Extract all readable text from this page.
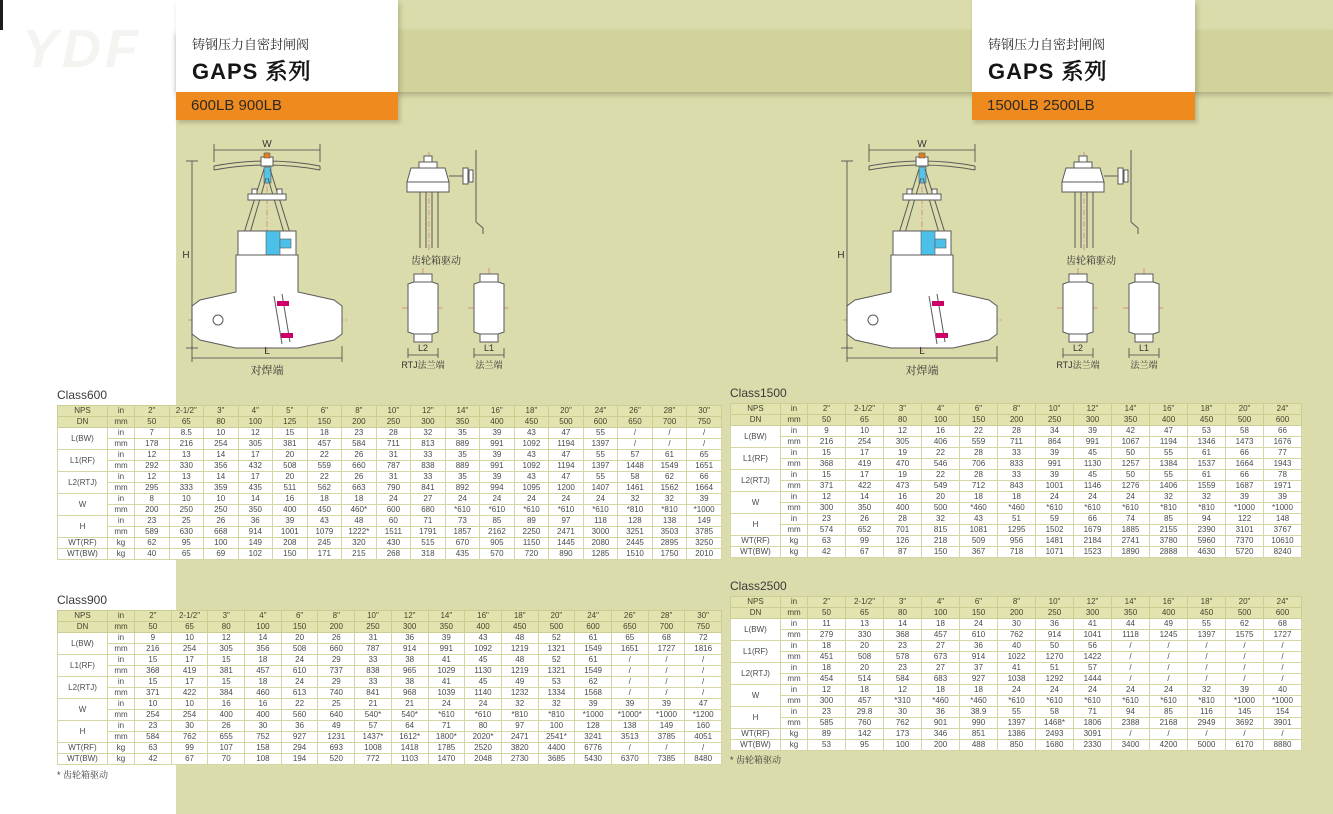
YDF	铸钢压力自密封闸阀
GAPS 系列
600LB 900LB
铸钢压力自密封闸阀
GAPS 系列
1500LB 2500LB
W
H
L
对焊端
齿轮箱驱动
L2
RTJ法兰端
L1
法兰端
W
H
L
对焊端
齿轮箱驱动
L2
RTJ法兰端
L1
法兰端
Class600
NPS	in	2"	2-1/2"	3"	4"	5"	6"	8"	10"	12"	14"	16"	18"	20"	24"	26"	28"	30"
DN	mm	50	65	80	100	125	150	200	250	300	350	400	450	500	600	650	700	750
L(BW)	in	7	8.5	10	12	15	18	23	28	32	35	39	43	47	55	/	/	/
	mm	178	216	254	305	381	457	584	711	813	889	991	1092	1194	1397	/	/	/
L1(RF)	in	12	13	14	17	20	22	26	31	33	35	39	43	47	55	57	61	65
	mm	292	330	356	432	508	559	660	787	838	889	991	1092	1194	1397	1448	1549	1651
L2(RTJ)	in	12	13	14	17	20	22	26	31	33	35	39	43	47	55	58	62	66
	mm	295	333	359	435	511	562	663	790	841	892	994	1095	1200	1407	1461	1562	1664
W	in	8	10	10	14	16	18	18	24	27	24	24	24	24	24	32	32	39
	mm	200	250	250	350	400	450	460*	600	680	*610	*610	*610	*610	*610	*810	*810	*1000
H	in	23	25	26	36	39	43	48	60	71	73	85	89	97	118	128	138	149
	mm	589	630	668	914	1001	1079	1222*	1511	1791	1857	2162	2250	2471	3000	3251	3503	3785
WT(RF)	kg	62	95	100	149	208	245	320	430	515	670	905	1150	1445	2080	2445	2895	3250
WT(BW)	kg	40	65	69	102	150	171	215	268	318	435	570	720	890	1285	1510	1750	2010
Class900
NPS	in	2"	2-1/2"	3"	4"	6"	8"	10"	12"	14"	16"	18"	20"	24"	26"	28"	30"
DN	mm	50	65	80	100	150	200	250	300	350	400	450	500	600	650	700	750
L(BW)	in	9	10	12	14	20	26	31	36	39	43	48	52	61	65	68	72
	mm	216	254	305	356	508	660	787	914	991	1092	1219	1321	1549	1651	1727	1816
L1(RF)	in	15	17	15	18	24	29	33	38	41	45	48	52	61	/	/	/
	mm	368	419	381	457	610	737	838	965	1029	1130	1219	1321	1549	/	/	/
L2(RTJ)	in	15	17	15	18	24	29	33	38	41	45	49	53	62	/	/	/
	mm	371	422	384	460	613	740	841	968	1039	1140	1232	1334	1568	/	/	/
W	in	10	10	16	16	22	25	21	21	24	24	32	32	39	39	39	47
	mm	254	254	400	400	560	640	540*	540*	*610	*610	*810	*810	*1000	*1000*	*1000	*1200
H	in	23	30	26	30	36	49	57	64	71	80	97	100	128	138	149	160
	mm	584	762	655	752	927	1231	1437*	1612*	1800*	2020*	2471	2541*	3241	3513	3785	4051
WT(RF)	kg	63	99	107	158	294	693	1008	1418	1785	2520	3820	4400	6776	/	/	/
WT(BW)	kg	42	67	70	108	194	520	772	1103	1470	2048	2730	3685	5430	6370	7385	8480
Class1500
NPS	in	2"	2-1/2"	3"	4"	6"	8"	10"	12"	14"	16"	18"	20"	24"
DN	mm	50	65	80	100	150	200	250	300	350	400	450	500	600
L(BW)	in	9	10	12	16	22	28	34	39	42	47	53	58	66
	mm	216	254	305	406	559	711	864	991	1067	1194	1346	1473	1676
L1(RF)	in	15	17	19	22	28	33	39	45	50	55	61	66	77
	mm	368	419	470	546	706	833	991	1130	1257	1384	1537	1664	1943
L2(RTJ)	in	15	17	19	22	28	33	39	45	50	55	61	66	78
	mm	371	422	473	549	712	843	1001	1146	1276	1406	1559	1687	1971
W	in	12	14	16	20	18	18	24	24	24	32	32	39	39
	mm	300	350	400	500	*460	*460	*610	*610	*610	*810	*810	*1000	*1000
H	in	23	26	28	32	43	51	59	66	74	85	94	122	148
	mm	574	652	701	815	1081	1295	1502	1679	1885	2155	2390	3101	3767
WT(RF)	kg	63	99	126	218	509	956	1481	2184	2741	3780	5960	7370	10610
WT(BW)	kg	42	67	87	150	367	718	1071	1523	1890	2888	4630	5720	8240
Class2500
NPS	in	2"	2-1/2"	3"	4"	6"	8"	10"	12"	14"	16"	18"	20"	24"
DN	mm	50	65	80	100	150	200	250	300	350	400	450	500	600
L(BW)	in	11	13	14	18	24	30	36	41	44	49	55	62	68
	mm	279	330	368	457	610	762	914	1041	1118	1245	1397	1575	1727
L1(RF)	in	18	20	23	27	36	40	50	56	/	/	/	/	/
	mm	451	508	578	673	914	1022	1270	1422	/	/	/	/	/
L2(RTJ)	in	18	20	23	27	37	41	51	57	/	/	/	/	/
	mm	454	514	584	683	927	1038	1292	1444	/	/	/	/	/
W	in	12	18	12	18	18	24	24	24	24	24	32	39	40
	mm	300	457	*310	*460	*460	*610	*610	*610	*610	*610	*810	*1000	*1000
H	in	23	29.8	30	36	38.9	55	58	71	94	85	116	145	154
	mm	585	760	762	901	990	1397	1468*	1806	2388	2168	2949	3692	3901
WT(RF)	kg	89	142	173	346	851	1386	2493	3091	/	/	/	/	/
WT(BW)	kg	53	95	100	200	488	850	1680	2330	3400	4200	5000	6170	8880
* 齿轮箱驱动
* 齿轮箱驱动
